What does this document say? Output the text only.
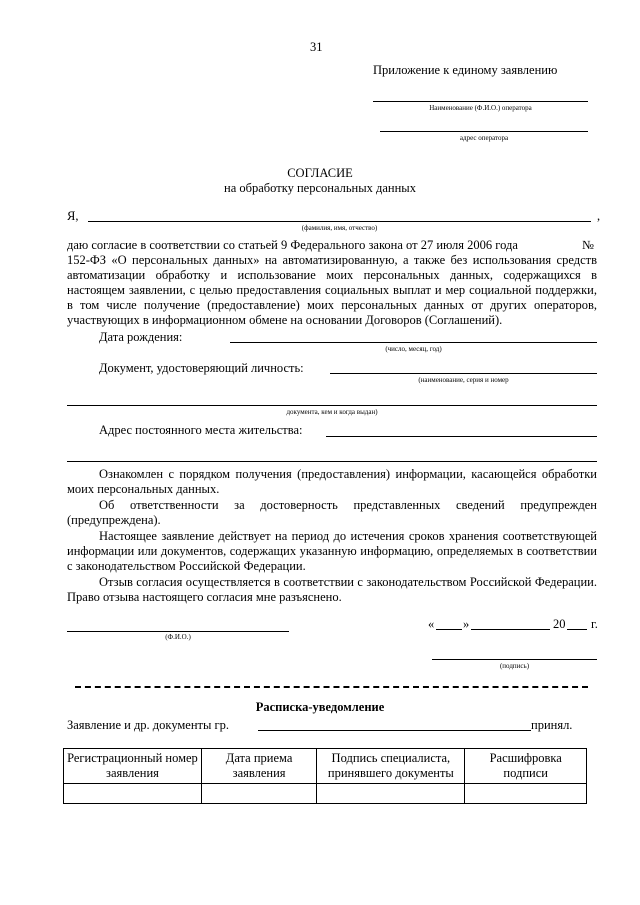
31
Приложение к единому заявлению
Наименование (Ф.И.О.) оператора
адрес оператора
СОГЛАСИЕ
на обработку персональных данных
Я,	,
(фамилия, имя, отчество)
даю согласие в соответствии со статьей 9 Федерального закона от 27 июля 2006 года	№
152-ФЗ «О персональных данных» на автоматизированную, а также без использования средств автоматизации обработку и использование моих персональных данных, содержащихся в настоящем заявлении, с целью предоставления социальных выплат и мер социальной поддержки, в том числе получение (предоставление) моих персональных данных от других операторов, участвующих в информационном обмене на основании Договоров (Соглашений).
Дата рождения:
(число, месяц, год)
Документ, удостоверяющий личность:
(наименование, серия и номер
документа, кем и когда выдан)
Адрес постоянного места жительства:
Ознакомлен с порядком получения (предоставления) информации, касающейся обработки моих персональных данных.
Об ответственности за достоверность представленных сведений предупрежден (предупреждена).
Настоящее заявление действует на период до истечения сроков хранения соответствующей информации или документов, содержащих указанную информацию, определяемых в соответствии с законодательством Российской Федерации.
Отзыв согласия осуществляется в соответствии с законодательством Российской Федерации. Право отзыва настоящего согласия мне разъяснено.
(Ф.И.О.)
« »	20 г.
(подпись)
Расписка-уведомление
Заявление и др. документы гр.	принял.
Регистрационный номер заявления	Дата приема заявления	Подпись специалиста, принявшего документы	Расшифровка подписи
